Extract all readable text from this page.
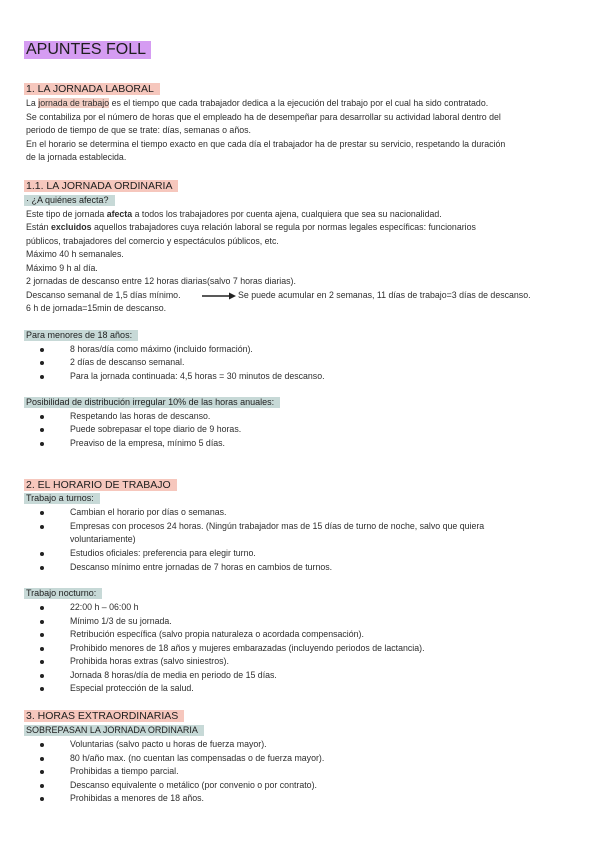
APUNTES FOLL
1. LA JORNADA LABORAL
La jornada de trabajo es el tiempo que cada trabajador dedica a la ejecución del trabajo por el cual ha sido contratado.
Se contabiliza por el número de horas que el empleado ha de desempeñar para desarrollar su actividad laboral dentro del
periodo de tiempo de que se trate: días, semanas o años.
En el horario se determina el tiempo exacto en que cada día el trabajador ha de prestar su servicio, respetando la duración
de la jornada establecida.
1.1. LA JORNADA ORDINARIA
· ¿A quiénes afecta?
Este tipo de jornada afecta a todos los trabajadores por cuenta ajena, cualquiera que sea su nacionalidad.
Están excluidos aquellos trabajadores cuya relación laboral se regula por normas legales específicas: funcionarios
públicos, trabajadores del comercio y espectáculos públicos, etc.
Máximo 40 h semanales.
Máximo 9 h al día.
2 jornadas de descanso entre 12 horas diarias(salvo 7 horas diarias).
Descanso semanal de 1,5 días mínimo.	Se puede acumular en 2 semanas, 11 días de trabajo=3 días de descanso.
6 h de jornada=15min de descanso.
Para menores de 18 años:
8 horas/día como máximo (incluido formación).
2 días de descanso semanal.
Para la jornada continuada: 4,5 horas = 30 minutos de descanso.
Posibilidad de distribución irregular 10% de las horas anuales:
Respetando las horas de descanso.
Puede sobrepasar el tope diario de 9 horas.
Preaviso de la empresa, mínimo 5 días.
2. EL HORARIO DE TRABAJO
Trabajo a turnos:
Cambian el horario por días o semanas.
Empresas con procesos 24 horas. (Ningún trabajador mas de 15 días de turno de noche, salvo que quiera
voluntariamente)
Estudios oficiales: preferencia para elegir turno.
Descanso mínimo entre jornadas de 7 horas en cambios de turnos.
Trabajo nocturno:
22:00 h – 06:00 h
Mínimo 1/3 de su jornada.
Retribución específica (salvo propia naturaleza o acordada compensación).
Prohibido menores de 18 años y mujeres embarazadas (incluyendo periodos de lactancia).
Prohibida horas extras (salvo siniestros).
Jornada 8 horas/día de media en periodo de 15 días.
Especial protección de la salud.
3. HORAS EXTRAORDINARIAS
SOBREPASAN LA JORNADA ORDINARIA
Voluntarias (salvo pacto u horas de fuerza mayor).
80 h/año max. (no cuentan las compensadas o de fuerza mayor).
Prohibidas a tiempo parcial.
Descanso equivalente o metálico (por convenio o por contrato).
Prohibidas a menores de 18 años.
